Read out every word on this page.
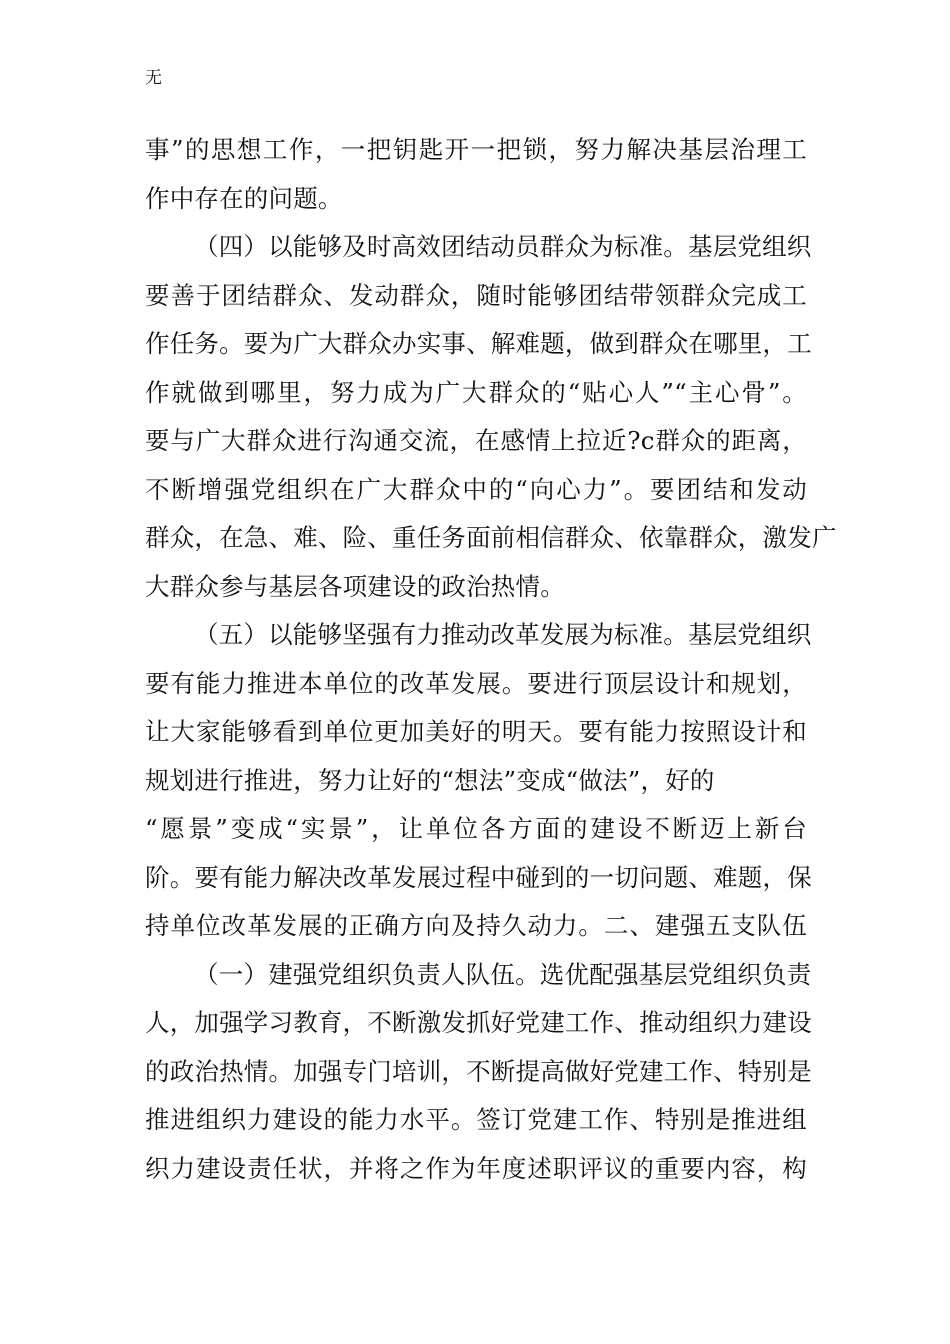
无

事”的思想工作，一把钥匙开一把锁，努力解决基层治理工
作中存在的问题。
（四）以能够及时高效团结动员群众为标准。基层党组织
要善于团结群众、发动群众，随时能够团结带领群众完成工
作任务。要为广大群众办实事、解难题，做到群众在哪里，工
作就做到哪里，努力成为广大群众的“贴心人”“主心骨”。
要与广大群众进行沟通交流，在感情上拉近?c群众的距离，
不断增强党组织在广大群众中的“向心力”。要团结和发动
群众，在急、难、险、重任务面前相信群众、依靠群众，激发广
大群众参与基层各项建设的政治热情。
（五）以能够坚强有力推动改革发展为标准。基层党组织
要有能力推进本单位的改革发展。要进行顶层设计和规划，
让大家能够看到单位更加美好的明天。要有能力按照设计和
规划进行推进，努力让好的“想法”变成“做法”，好的
“愿景”变成“实景”，让单位各方面的建设不断迈上新台
阶。要有能力解决改革发展过程中碰到的一切问题、难题，保
持单位改革发展的正确方向及持久动力。二、建强五支队伍
（一）建强党组织负责人队伍。选优配强基层党组织负责
人，加强学习教育，不断激发抓好党建工作、推动组织力建设
的政治热情。加强专门培训，不断提高做好党建工作、特别是
推进组织力建设的能力水平。签订党建工作、特别是推进组
织力建设责任状，并将之作为年度述职评议的重要内容，构
